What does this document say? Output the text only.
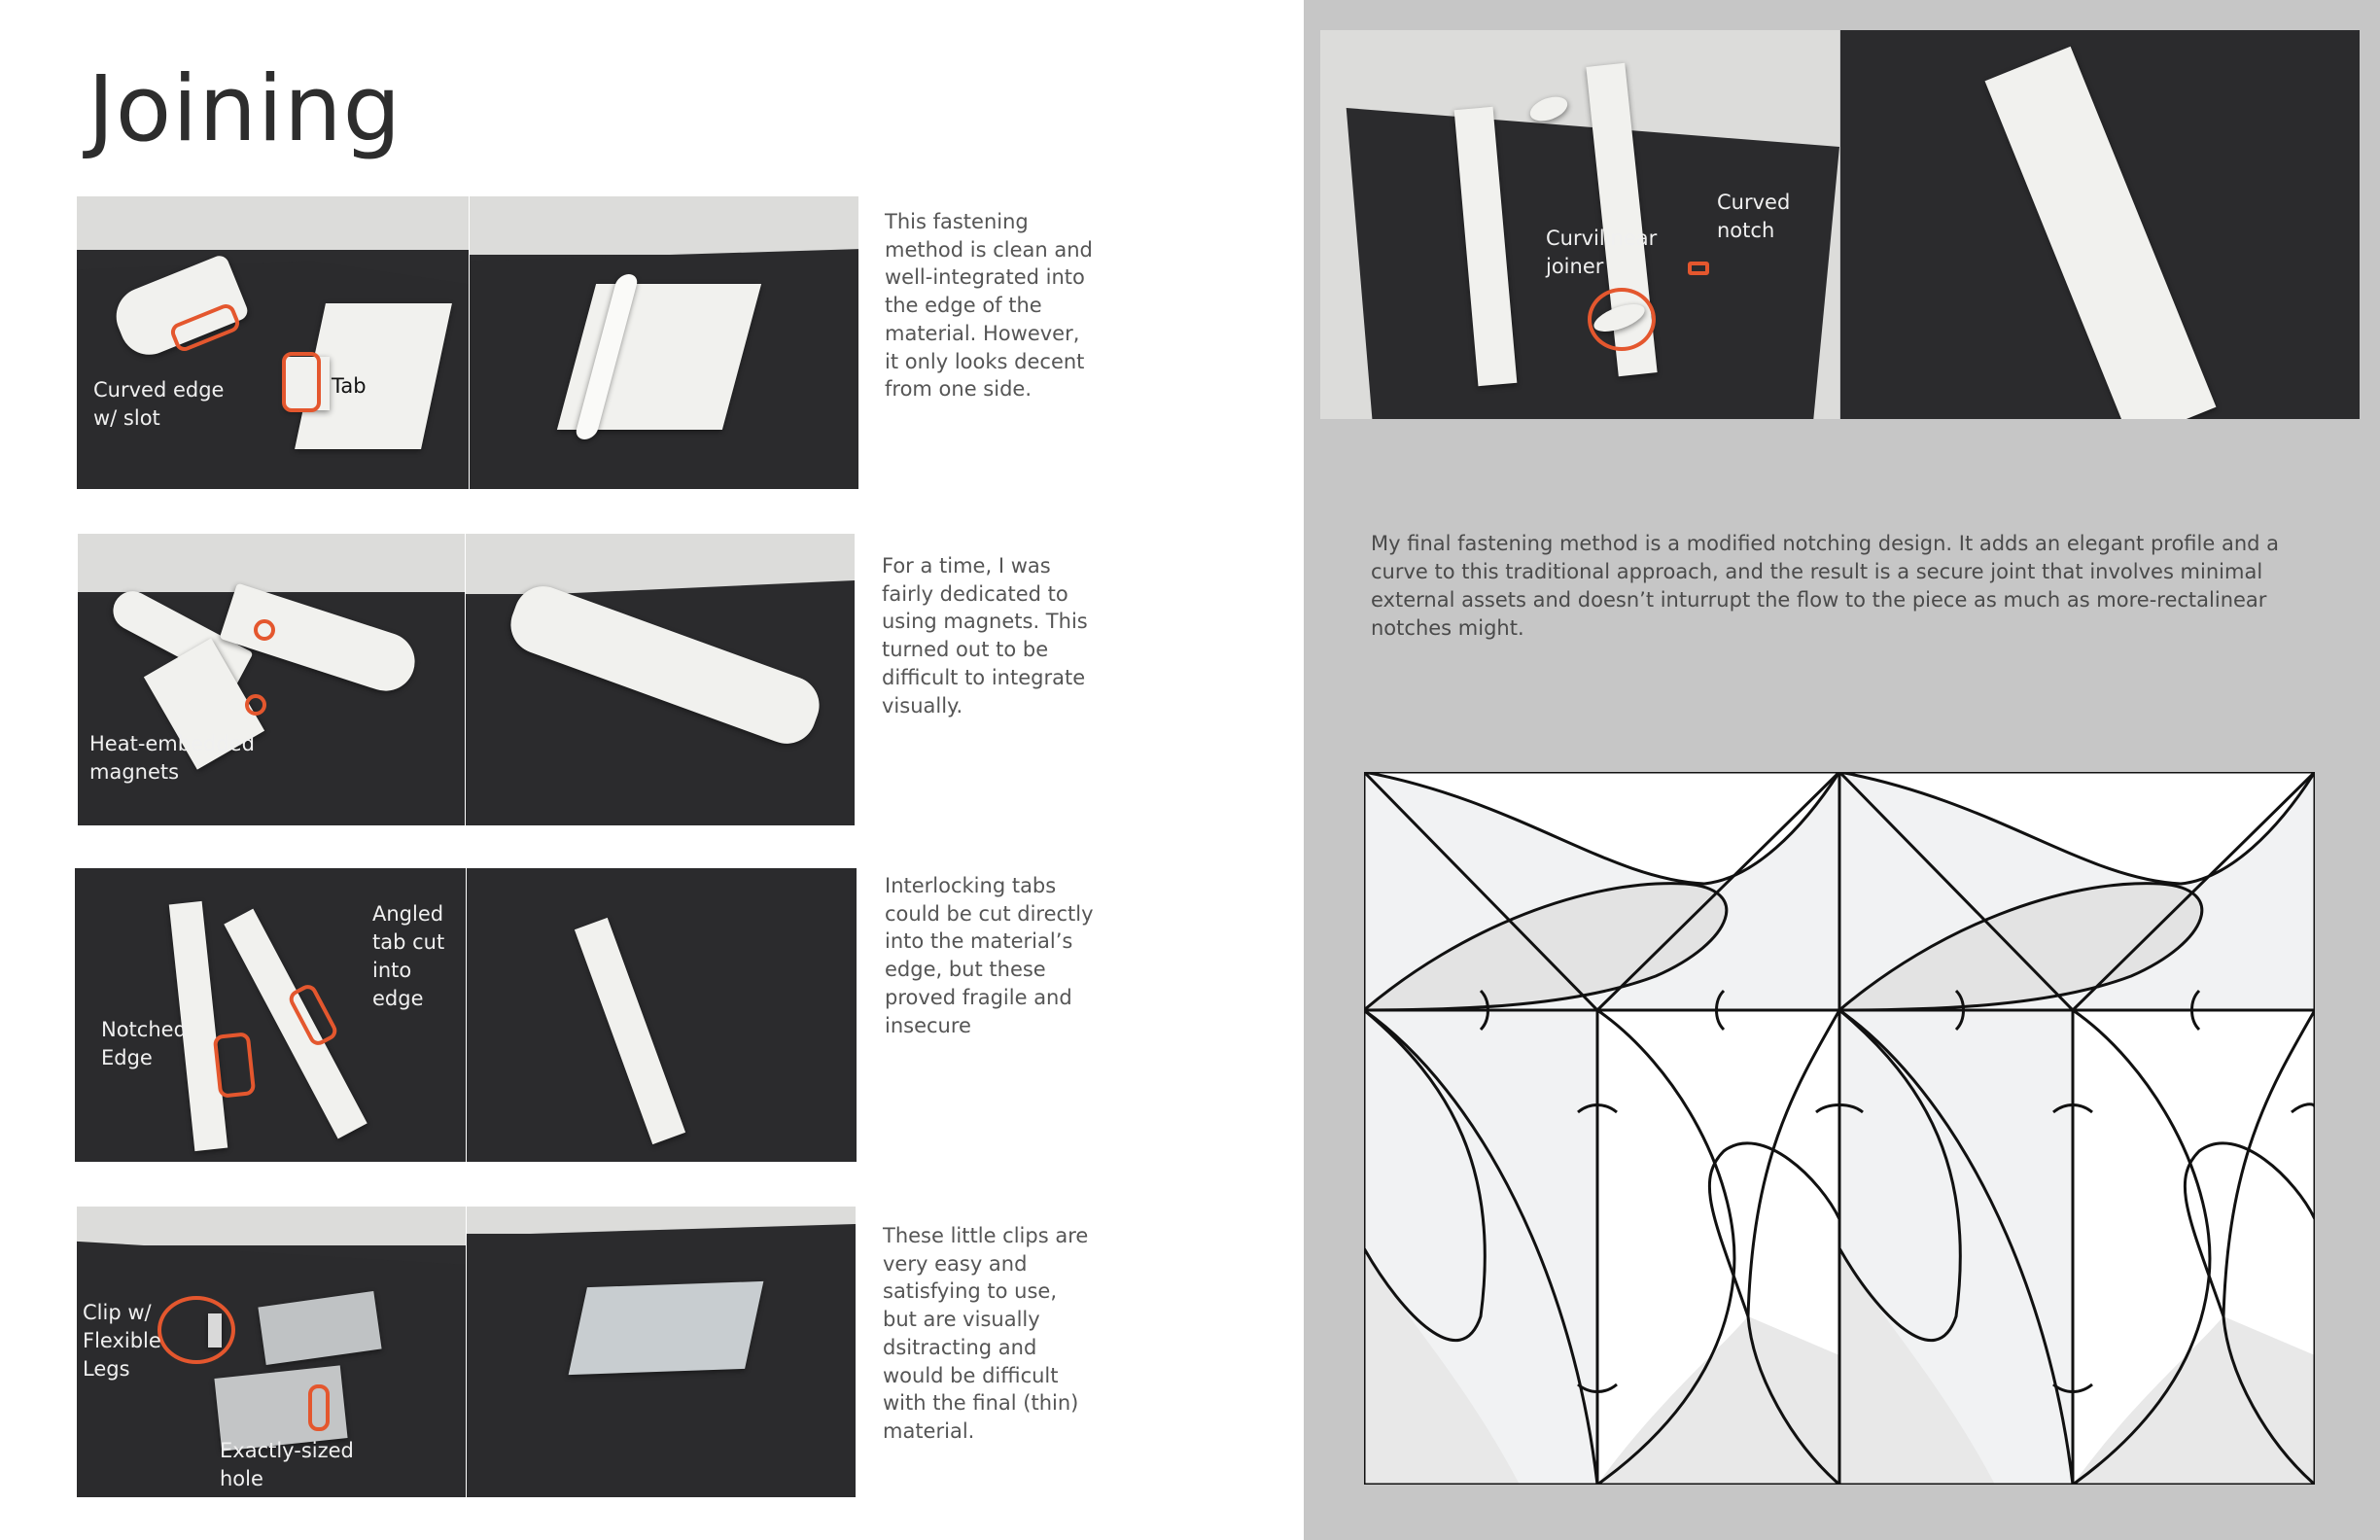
Joining
Curved edge
w/ slot
Tab
This fastening
method is clean and
well-integrated into
the edge of the
material. However,
it only looks decent
from one side.
Heat-embedded
magnets
For a time, I was
fairly dedicated to
using magnets. This
turned out to be
difficult to integrate
visually.
Notched
Edge
Angled
tab cut
into edge
Interlocking tabs
could be cut directly
into the material’s
edge, but these
proved fragile and
insecure
Clip w/
Flexible
Legs
Exactly-sized
hole
These little clips are
very easy and
satisfying to use,
but are visually
dsitracting and
would be difficult
with the final (thin)
material.
Curvilinear
joiner
Curved
notch

My final fastening method is a modified notching design. It adds an elegant profile and a curve to this traditional approach, and the result is a secure joint that involves minimal external assets and doesn’t inturrupt the flow to the piece as much as more-rectalinear notches might.
